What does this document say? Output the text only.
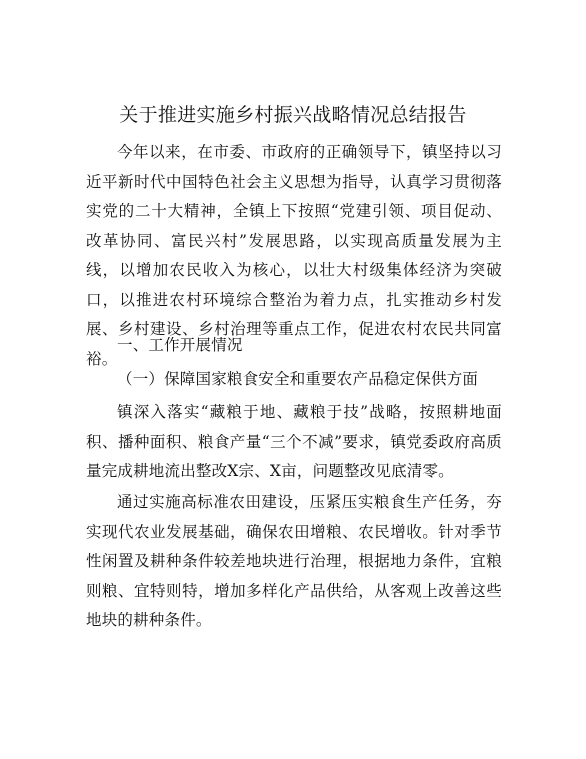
关于推进实施乡村振兴战略情况总结报告

今年以来，在市委、市政府的正确领导下，镇坚持以习近平新时代中国特色社会主义思想为指导，认真学习贯彻落实党的二十大精神，全镇上下按照“党建引领、项目促动、改革协同、富民兴村”发展思路，以实现高质量发展为主线，以增加农民收入为核心，以壮大村级集体经济为突破口，以推进农村环境综合整治为着力点，扎实推动乡村发展、乡村建设、乡村治理等重点工作，促进农村农民共同富裕。

一、工作开展情况

（一）保障国家粮食安全和重要农产品稳定保供方面

镇深入落实“藏粮于地、藏粮于技”战略，按照耕地面积、播种面积、粮食产量“三个不减”要求，镇党委政府高质量完成耕地流出整改X宗、X亩，问题整改见底清零。

通过实施高标准农田建设，压紧压实粮食生产任务，夯实现代农业发展基础，确保农田增粮、农民增收。针对季节性闲置及耕种条件较差地块进行治理，根据地力条件，宜粮则粮、宜特则特，增加多样化产品供给，从客观上改善这些地块的耕种条件。
